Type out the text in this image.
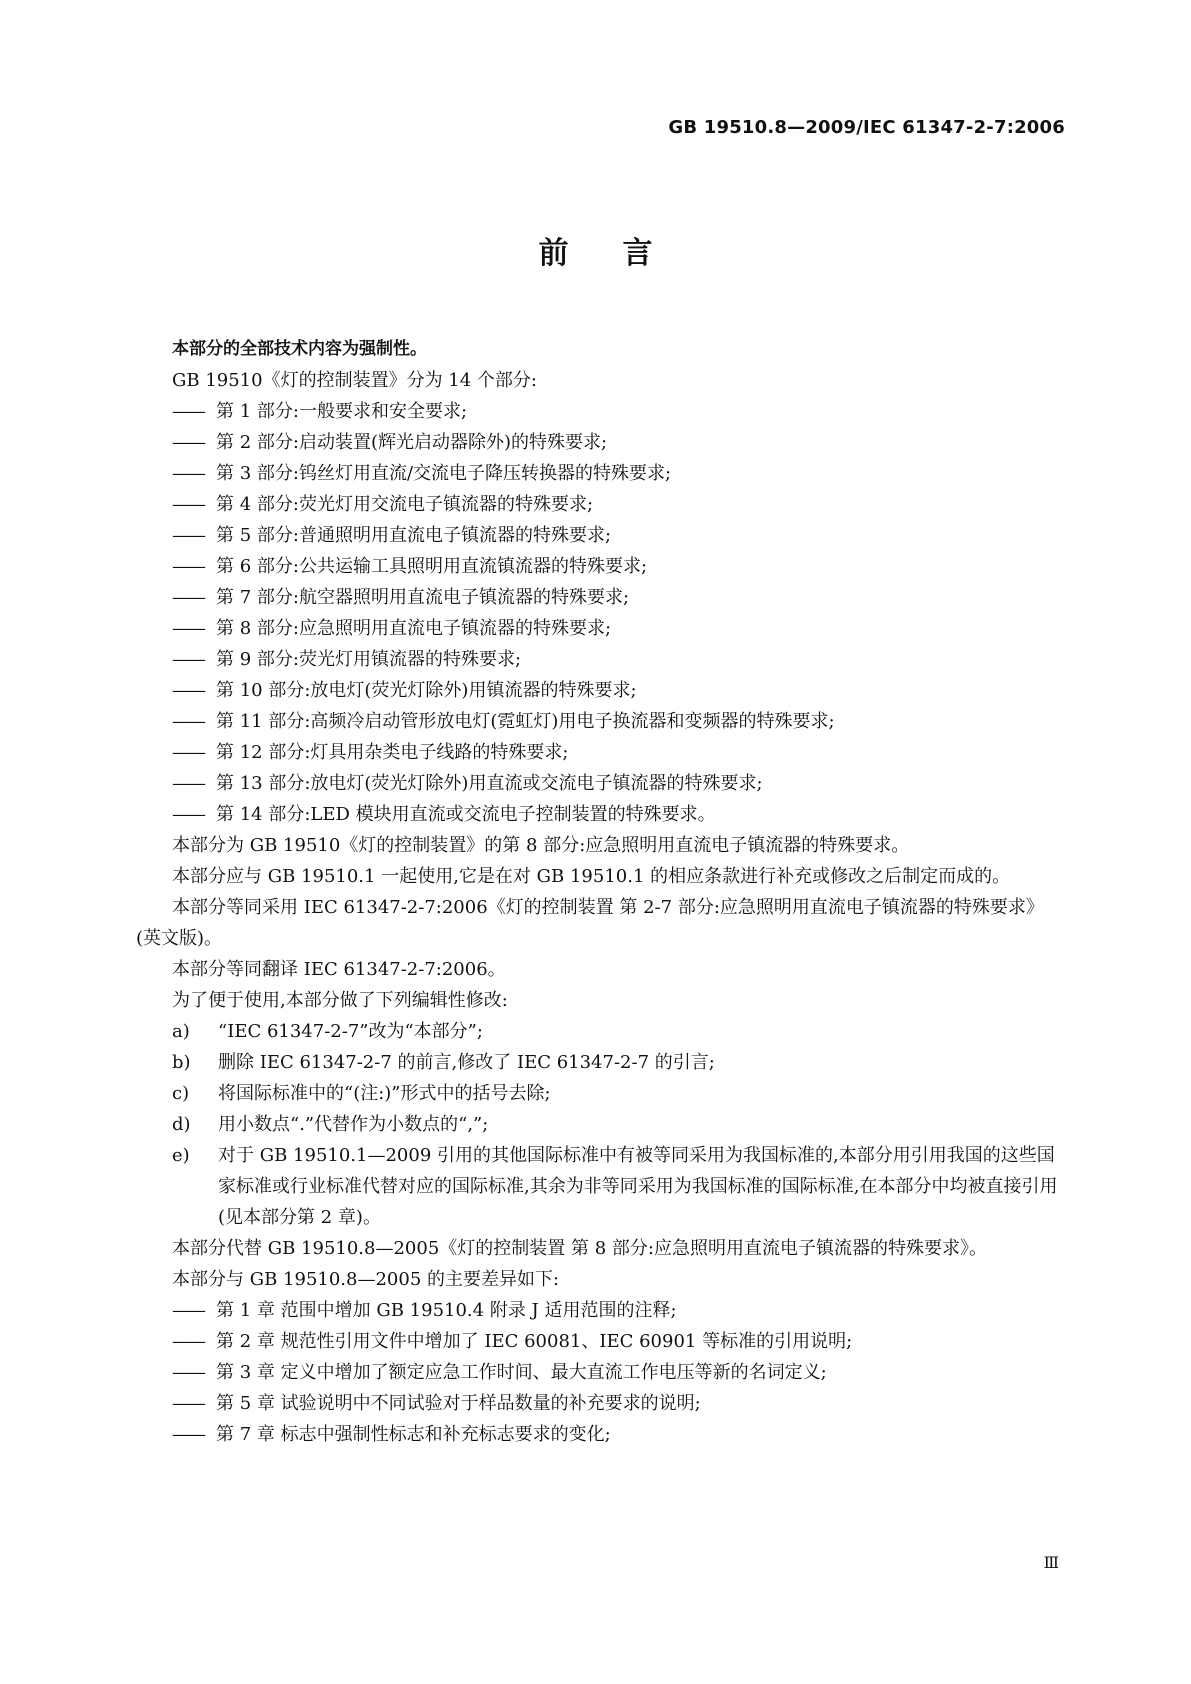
GB 19510.8—2009/IEC 61347-2-7:2006
前 言

本部分的全部技术内容为强制性。

GB 19510《灯的控制装置》分为 14 个部分:

—— 第 1 部分:一般要求和安全要求;
—— 第 2 部分:启动装置(辉光启动器除外)的特殊要求;
—— 第 3 部分:钨丝灯用直流/交流电子降压转换器的特殊要求;
—— 第 4 部分:荧光灯用交流电子镇流器的特殊要求;
—— 第 5 部分:普通照明用直流电子镇流器的特殊要求;
—— 第 6 部分:公共运输工具照明用直流镇流器的特殊要求;
—— 第 7 部分:航空器照明用直流电子镇流器的特殊要求;
—— 第 8 部分:应急照明用直流电子镇流器的特殊要求;
—— 第 9 部分:荧光灯用镇流器的特殊要求;
—— 第 10 部分:放电灯(荧光灯除外)用镇流器的特殊要求;
—— 第 11 部分:高频冷启动管形放电灯(霓虹灯)用电子换流器和变频器的特殊要求;
—— 第 12 部分:灯具用杂类电子线路的特殊要求;
—— 第 13 部分:放电灯(荧光灯除外)用直流或交流电子镇流器的特殊要求;
—— 第 14 部分:LED 模块用直流或交流电子控制装置的特殊要求。

本部分为 GB 19510《灯的控制装置》的第 8 部分:应急照明用直流电子镇流器的特殊要求。

本部分应与 GB 19510.1 一起使用,它是在对 GB 19510.1 的相应条款进行补充或修改之后制定而成的。

本部分等同采用 IEC 61347-2-7:2006《灯的控制装置 第 2-7 部分:应急照明用直流电子镇流器的特殊要求》(英文版)。

本部分等同翻译 IEC 61347-2-7:2006。

为了便于使用,本部分做了下列编辑性修改:

a)	“IEC 61347-2-7”改为“本部分”;
b)	删除 IEC 61347-2-7 的前言,修改了 IEC 61347-2-7 的引言;
c)	将国际标准中的“(注:)”形式中的括号去除;
d)	用小数点“.”代替作为小数点的“,”;
e)	对于 GB 19510.1—2009 引用的其他国际标准中有被等同采用为我国标准的,本部分用引用我国的这些国家标准或行业标准代替对应的国际标准,其余为非等同采用为我国标准的国际标准,在本部分中均被直接引用(见本部分第 2 章)。

本部分代替 GB 19510.8—2005《灯的控制装置 第 8 部分:应急照明用直流电子镇流器的特殊要求》。

本部分与 GB 19510.8—2005 的主要差异如下:

—— 第 1 章 范围中增加 GB 19510.4 附录 J 适用范围的注释;
—— 第 2 章 规范性引用文件中增加了 IEC 60081、IEC 60901 等标准的引用说明;
—— 第 3 章 定义中增加了额定应急工作时间、最大直流工作电压等新的名词定义;
—— 第 5 章 试验说明中不同试验对于样品数量的补充要求的说明;
—— 第 7 章 标志中强制性标志和补充标志要求的变化;
Ⅲ
